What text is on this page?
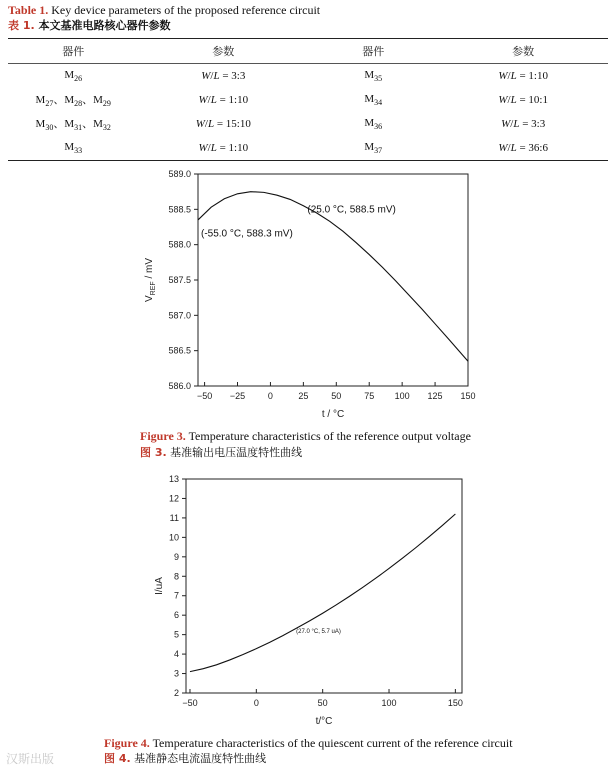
Table 1. Key device parameters of the proposed reference circuit
表 1. 本文基准电路核心器件参数
器件	参数	器件	参数
$M_{26}$	W/L = 3:3	$M_{35}$	W/L = 1:10
$M_{27}$、$M_{28}$、$M_{29}$	W/L = 1:10	$M_{34}$	W/L = 10:1
$M_{30}$、$M_{31}$、$M_{32}$	W/L = 15:10	$M_{36}$	W/L = 3:3
$M_{33}$	W/L = 1:10	$M_{37}$	W/L = 36:6
−50 −25	0	25	50	75 100 125 150
586.0
586.5
587.0
587.5
588.0
588.5
589.0
t / °C
$V_{REF}$ / mV
(25.0 °C, 588.5 mV)
(-55.0 °C, 588.3 mV)
Figure 3. Temperature characteristics of the reference output voltage
图 3. 基准输出电压温度特性曲线
−50	0	50	100	150
2
3
4
5
6
7
8
9
10
11
12
13
t/°C
I/uA
(27.0 °C, 5.7 uA)
Figure 4. Temperature characteristics of the quiescent current of the reference circuit
图 4. 基准静态电流温度特性曲线
汉斯出版
